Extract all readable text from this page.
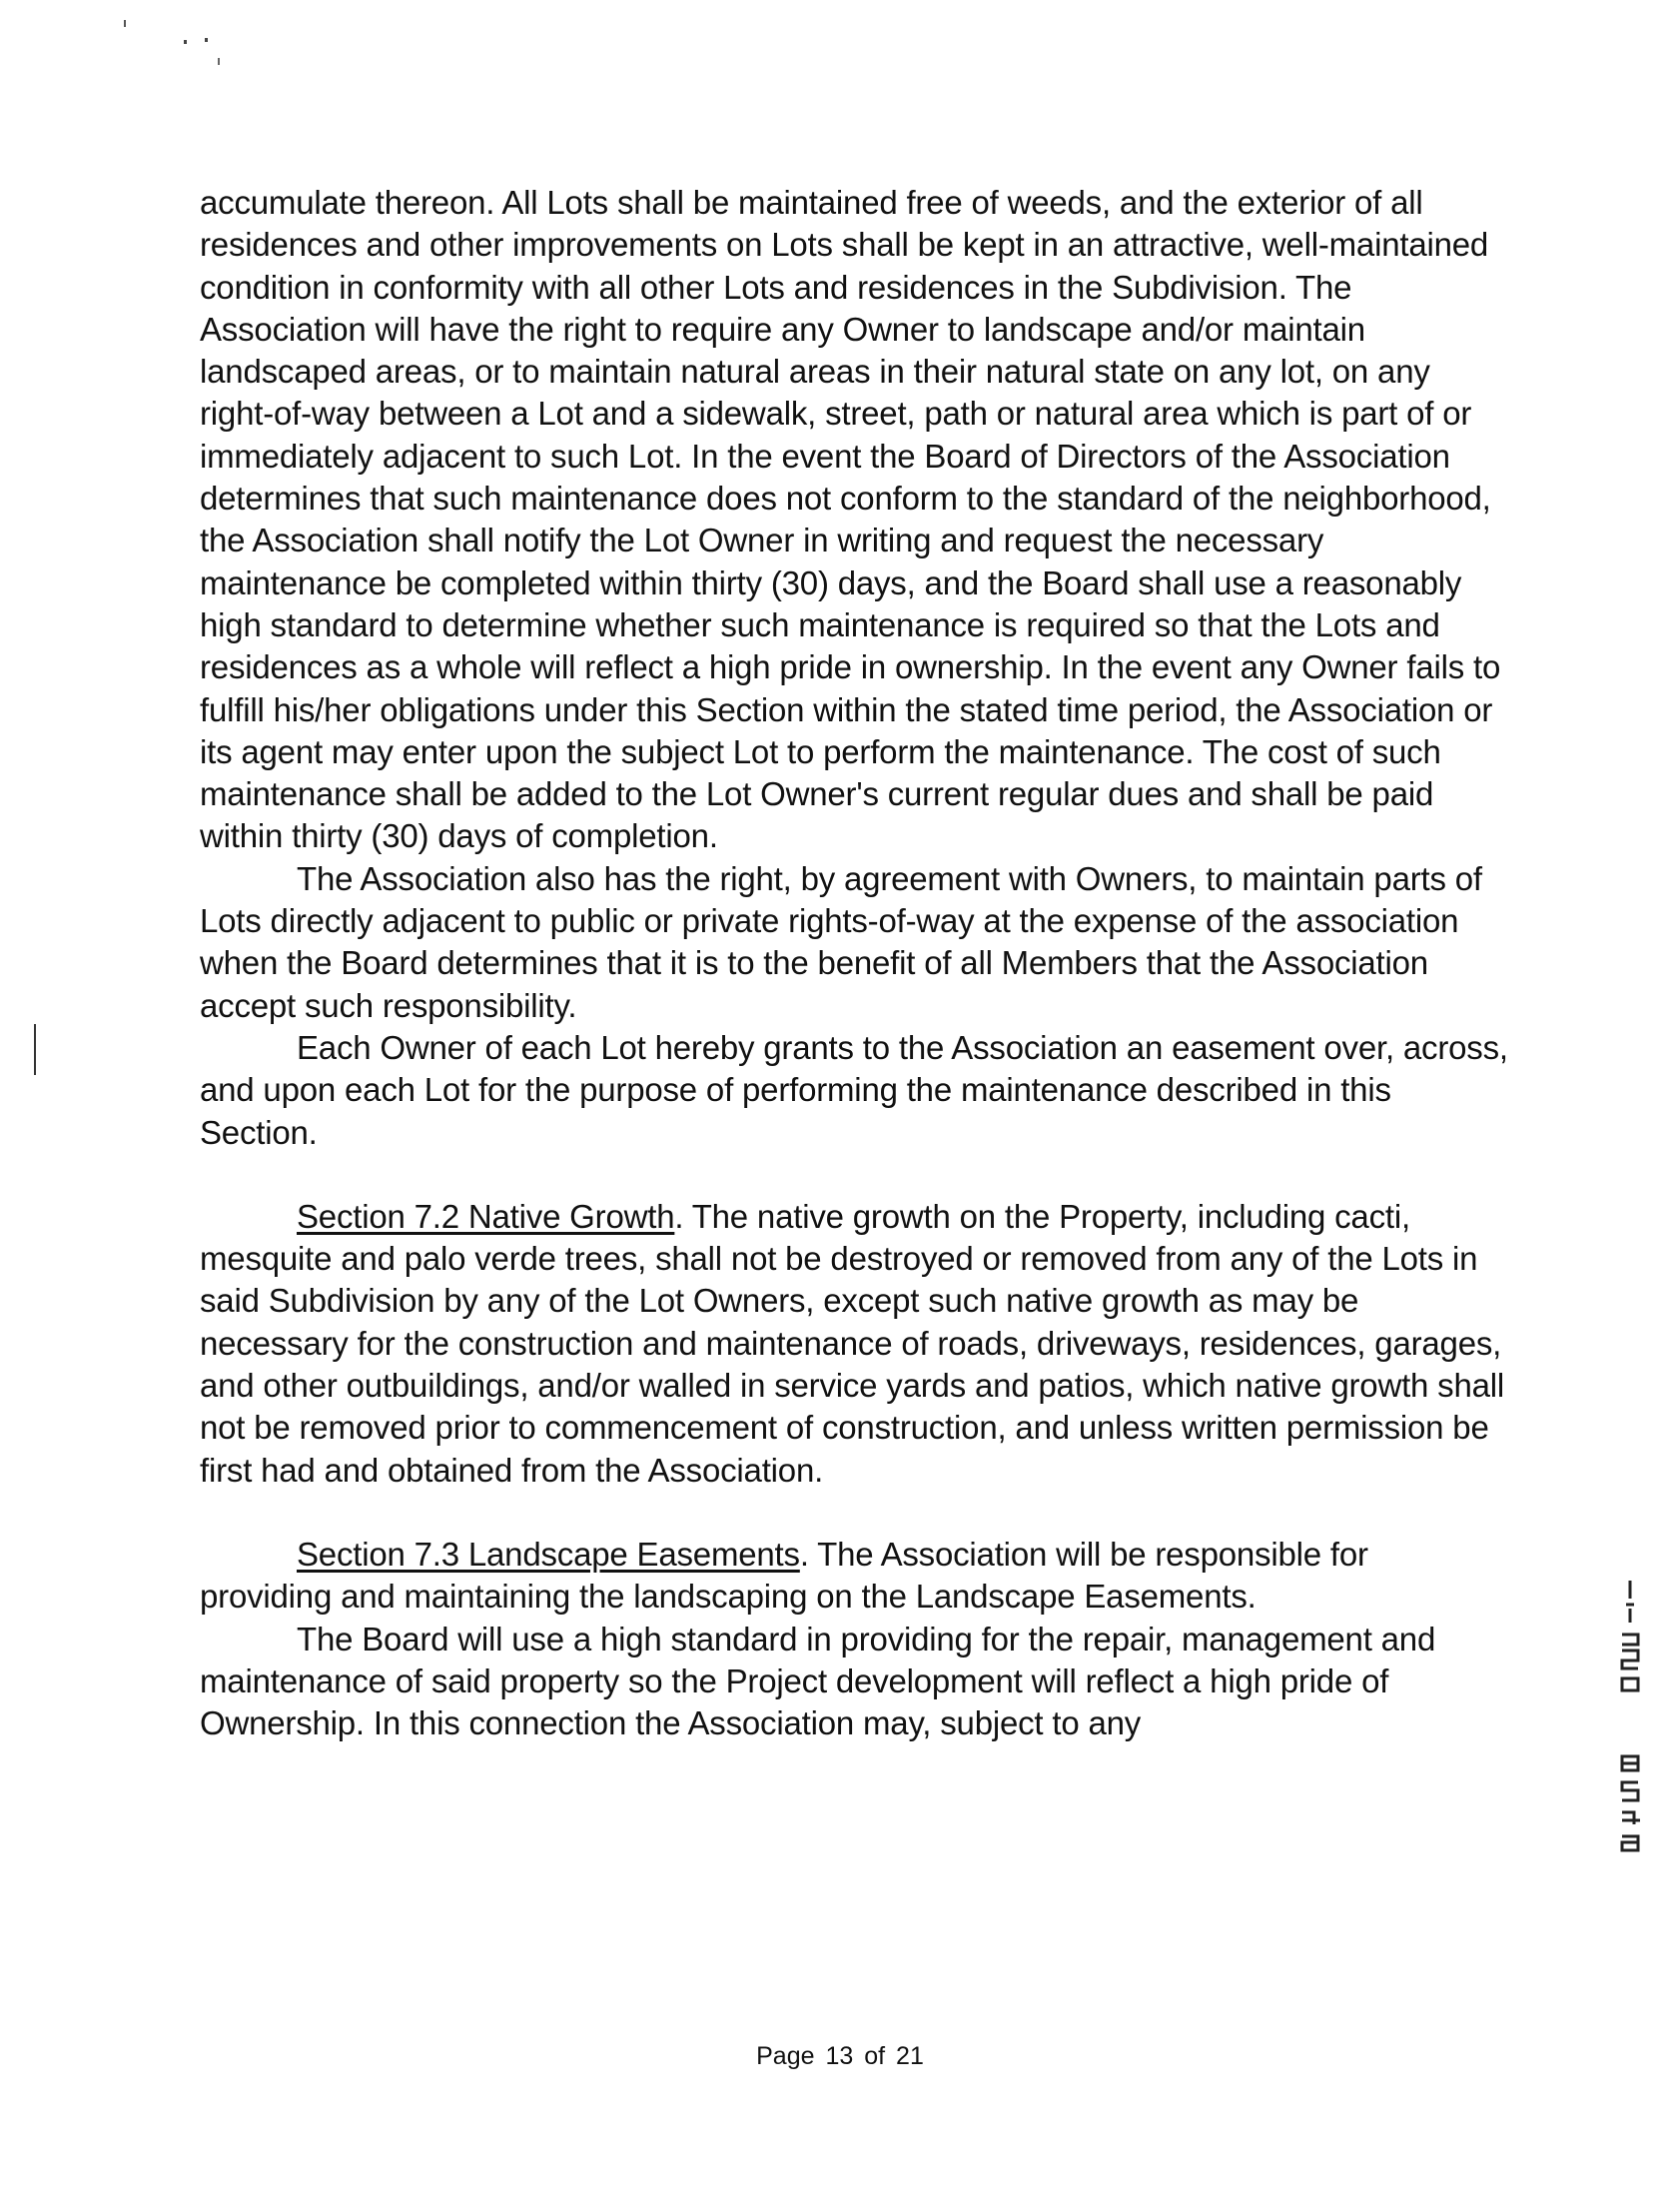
accumulate thereon. All Lots shall be maintained free of weeds, and the exterior of all residences and other improvements on Lots shall be kept in an attractive, well-maintained condition in conformity with all other Lots and residences in the Subdivision. The Association will have the right to require any Owner to landscape and/or maintain landscaped areas, or to maintain natural areas in their natural state on any lot, on any right-of-way between a Lot and a sidewalk, street, path or natural area which is part of or immediately adjacent to such Lot. In the event the Board of Directors of the Association determines that such maintenance does not conform to the standard of the neighborhood, the Association shall notify the Lot Owner in writing and request the necessary maintenance be completed within thirty (30) days, and the Board shall use a reasonably high standard to determine whether such maintenance is required so that the Lots and residences as a whole will reflect a high pride in ownership. In the event any Owner fails to fulfill his/her obligations under this Section within the stated time period, the Association or its agent may enter upon the subject Lot to perform the maintenance. The cost of such maintenance shall be added to the Lot Owner's current regular dues and shall be paid within thirty (30) days of completion.

The Association also has the right, by agreement with Owners, to maintain parts of Lots directly adjacent to public or private rights-of-way at the expense of the association when the Board determines that it is to the benefit of all Members that the Association accept such responsibility.

Each Owner of each Lot hereby grants to the Association an easement over, across, and upon each Lot for the purpose of performing the maintenance described in this Section.

Section 7.2 Native Growth. The native growth on the Property, including cacti, mesquite and palo verde trees, shall not be destroyed or removed from any of the Lots in said Subdivision by any of the Lot Owners, except such native growth as may be necessary for the construction and maintenance of roads, driveways, residences, garages, and other outbuildings, and/or walled in service yards and patios, which native growth shall not be removed prior to commencement of construction, and unless written permission be first had and obtained from the Association.

Section 7.3 Landscape Easements. The Association will be responsible for providing and maintaining the landscaping on the Landscape Easements.

The Board will use a high standard in providing for the repair, management and maintenance of said property so the Project development will reflect a high pride of Ownership. In this connection the Association may, subject to any

Page 13 of 21
